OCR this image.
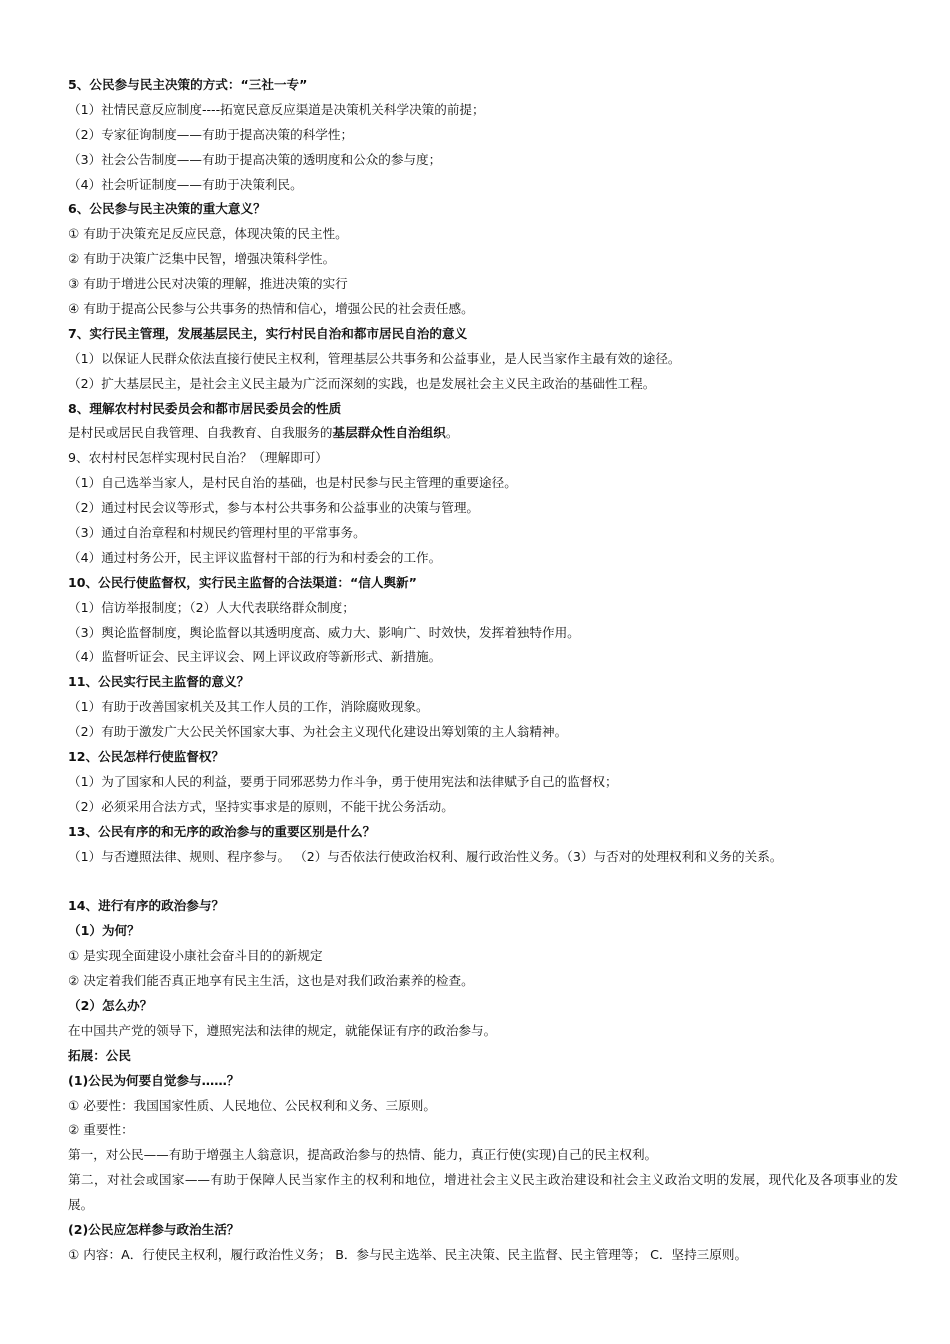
5、公民参与民主决策的方式：“三社一专”
（1）社情民意反应制度----拓宽民意反应渠道是决策机关科学决策的前提；
（2）专家征询制度——有助于提高决策的科学性；
（3）社会公告制度——有助于提高决策的透明度和公众的参与度；
（4）社会听证制度——有助于决策利民。
6、公民参与民主决策的重大意义？
① 有助于决策充足反应民意，体现决策的民主性。
② 有助于决策广泛集中民智，增强决策科学性。
③ 有助于增进公民对决策的理解，推进决策的实行
④ 有助于提高公民参与公共事务的热情和信心，增强公民的社会责任感。
7、实行民主管理，发展基层民主，实行村民自治和都市居民自治的意义
（1）以保证人民群众依法直接行使民主权利，管理基层公共事务和公益事业，是人民当家作主最有效的途径。
（2）扩大基层民主，是社会主义民主最为广泛而深刻的实践，也是发展社会主义民主政治的基础性工程。
8、理解农村村民委员会和都市居民委员会的性质
是村民或居民自我管理、自我教育、自我服务的基层群众性自治组织。
9、农村村民怎样实现村民自治？（理解即可）
（1）自己选举当家人，是村民自治的基础，也是村民参与民主管理的重要途径。
（2）通过村民会议等形式，参与本村公共事务和公益事业的决策与管理。
（3）通过自治章程和村规民约管理村里的平常事务。
（4）通过村务公开，民主评议监督村干部的行为和村委会的工作。
10、公民行使监督权，实行民主监督的合法渠道：“信人舆新”
（1）信访举报制度；（2）人大代表联络群众制度；
（3）舆论监督制度，舆论监督以其透明度高、威力大、影响广、时效快，发挥着独特作用。
（4）监督听证会、民主评议会、网上评议政府等新形式、新措施。
11、公民实行民主监督的意义？
（1）有助于改善国家机关及其工作人员的工作，消除腐败现象。
（2）有助于激发广大公民关怀国家大事、为社会主义现代化建设出筹划策的主人翁精神。
12、公民怎样行使监督权？
（1）为了国家和人民的利益，要勇于同邪恶势力作斗争，勇于使用宪法和法律赋予自己的监督权；
（2）必须采用合法方式，坚持实事求是的原则，不能干扰公务活动。
13、公民有序的和无序的政治参与的重要区别是什么？
（1）与否遵照法律、规则、程序参与。 （2）与否依法行使政治权利、履行政治性义务。（3）与否对的处理权利和义务的关系。
14、进行有序的政治参与？
（1）为何？
① 是实现全面建设小康社会奋斗目的的新规定
② 决定着我们能否真正地享有民主生活，这也是对我们政治素养的检查。
（2）怎么办？
在中国共产党的领导下，遵照宪法和法律的规定，就能保证有序的政治参与。
拓展：公民
(1)公民为何要自觉参与……？
① 必要性：我国国家性质、人民地位、公民权利和义务、三原则。
② 重要性：
第一，对公民——有助于增强主人翁意识，提高政治参与的热情、能力，真正行使(实现)自己的民主权利。
第二，对社会或国家——有助于保障人民当家作主的权利和地位，增进社会主义民主政治建设和社会主义政治文明的发展，现代化及各项事业的发展。
(2)公民应怎样参与政治生活？
① 内容：A．行使民主权利，履行政治性义务； B．参与民主选举、民主决策、民主监督、民主管理等； C．坚持三原则。
